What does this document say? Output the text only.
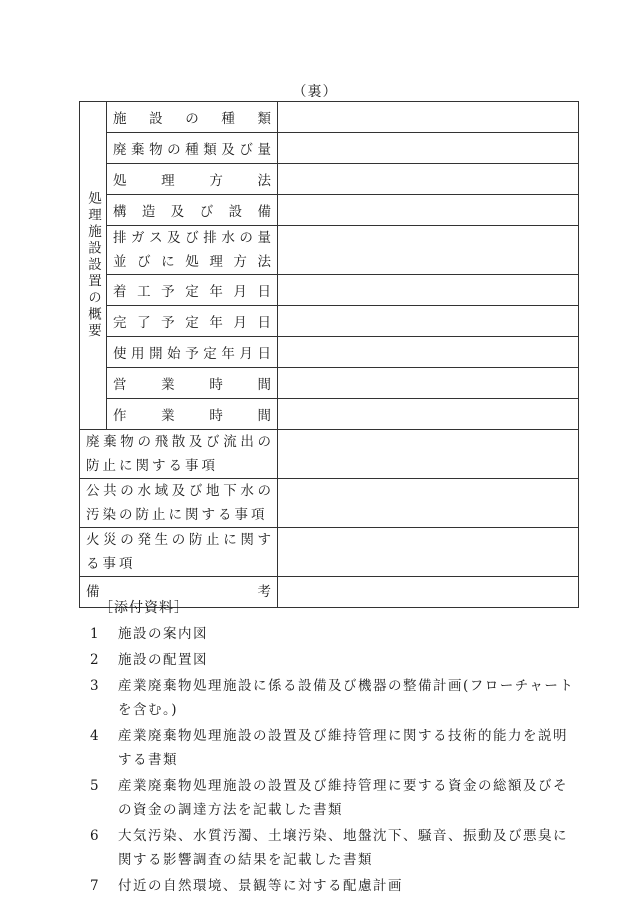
（裏）
処理施設設置の概要	施設の種類	

	廃棄物の種類及び量	

	処理方法	

	構造及び設備	

	排ガス及び排水の量
並びに処理方法	

	着工予定年月日	

	完了予定年月日	

	使用開始予定年月日	

	営業時間	

	作業時間	

廃棄物の飛散及び流出の
防止に関する事項		

公共の水域及び地下水の
汚染の防止に関する事項		

火災の発生の防止に関す
る事項		

備考		

［添付資料］
1 施設の案内図
2 施設の配置図
3 産業廃棄物処理施設に係る設備及び機器の整備計画(フローチャートを含む。)
4 産業廃棄物処理施設の設置及び維持管理に関する技術的能力を説明する書類
5 産業廃棄物処理施設の設置及び維持管理に要する資金の総額及びその資金の調達方法を記載した書類
6 大気汚染、水質汚濁、土壌汚染、地盤沈下、騒音、振動及び悪臭に関する影響調査の結果を記載した書類
7 付近の自然環境、景観等に対する配慮計画
